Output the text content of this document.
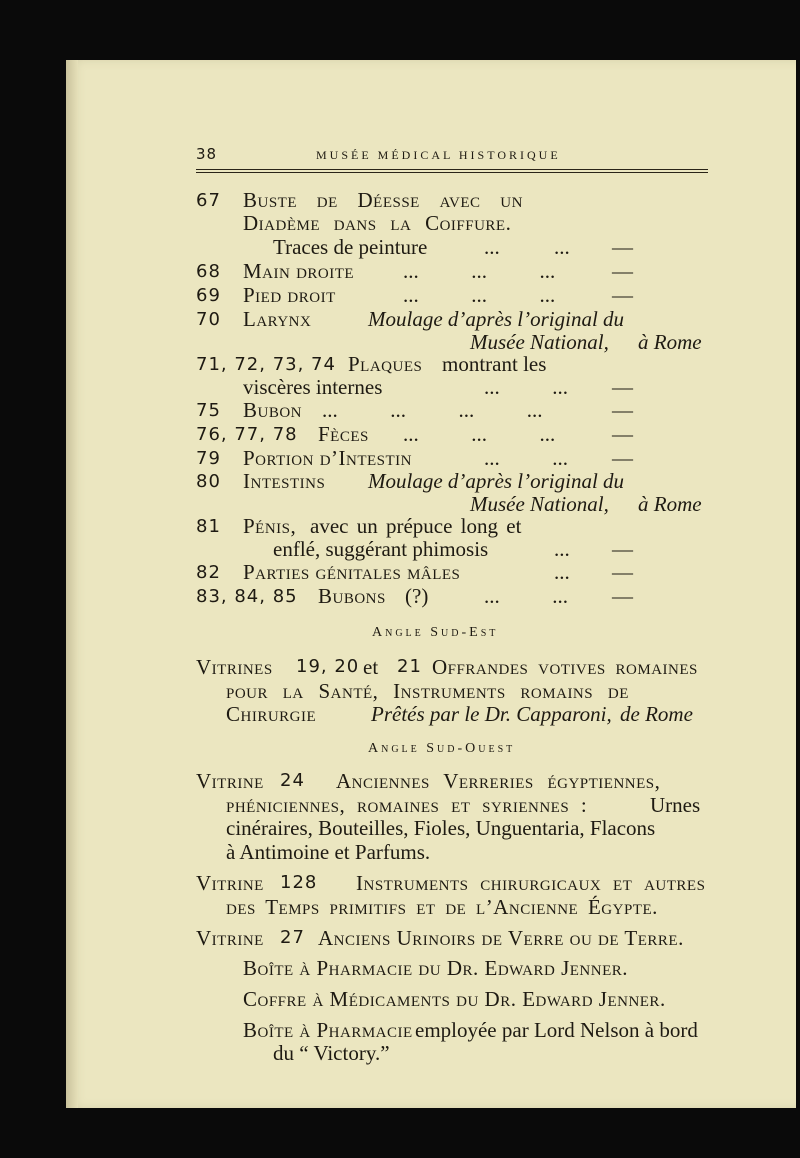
38	MUSÉE MÉDICAL HISTORIQUE
67 Buste de Déesse avec un
Diadème dans la Coiffure.
Traces de peinture	...	... —
68 Main droite ...          ...          ...	—
69 Pied droit	...          ...          ...	—
70 Larynx	Moulage d’après l’original du
Musée National, à Rome
71, 72, 73, 74 Plaques montrant les
viscères internes	...          ... —
75 Bubon ...          ...          ...          ...	—
76, 77, 78 Fèces ...          ...          ...	—
79 Portion d’Intestin	...          ... —
80 Intestins Moulage d’après l’original du
Musée National, à Rome
81 Pénis, avec un prépuce long et
enflé, suggérant phimosis	... —
82 Parties génitales mâles	... —
83, 84, 85 Bubons (?)	...          ... —
Angle Sud-Est
Vitrines 19, 20 et 21 Offrandes votives romaines
pour la Santé, Instruments romains de
Chirurgie	Prêtés par le Dr. Capparoni, de Rome
Angle Sud-Ouest
Vitrine 24 Anciennes Verreries égyptiennes,
phéniciennes, romaines et syriennes :	Urnes
cinéraires, Bouteilles, Fioles, Unguentaria, Flacons
à Antimoine et Parfums.
Vitrine 128 Instruments chirurgicaux et autres
des Temps primitifs et de l’Ancienne Égypte.
Vitrine 27 Anciens Urinoirs de Verre ou de Terre.
Boîte à Pharmacie du Dr. Edward Jenner.
Coffre à Médicaments du Dr. Edward Jenner.
Boîte à Pharmacie employée par Lord Nelson à bord
du “ Victory.”
